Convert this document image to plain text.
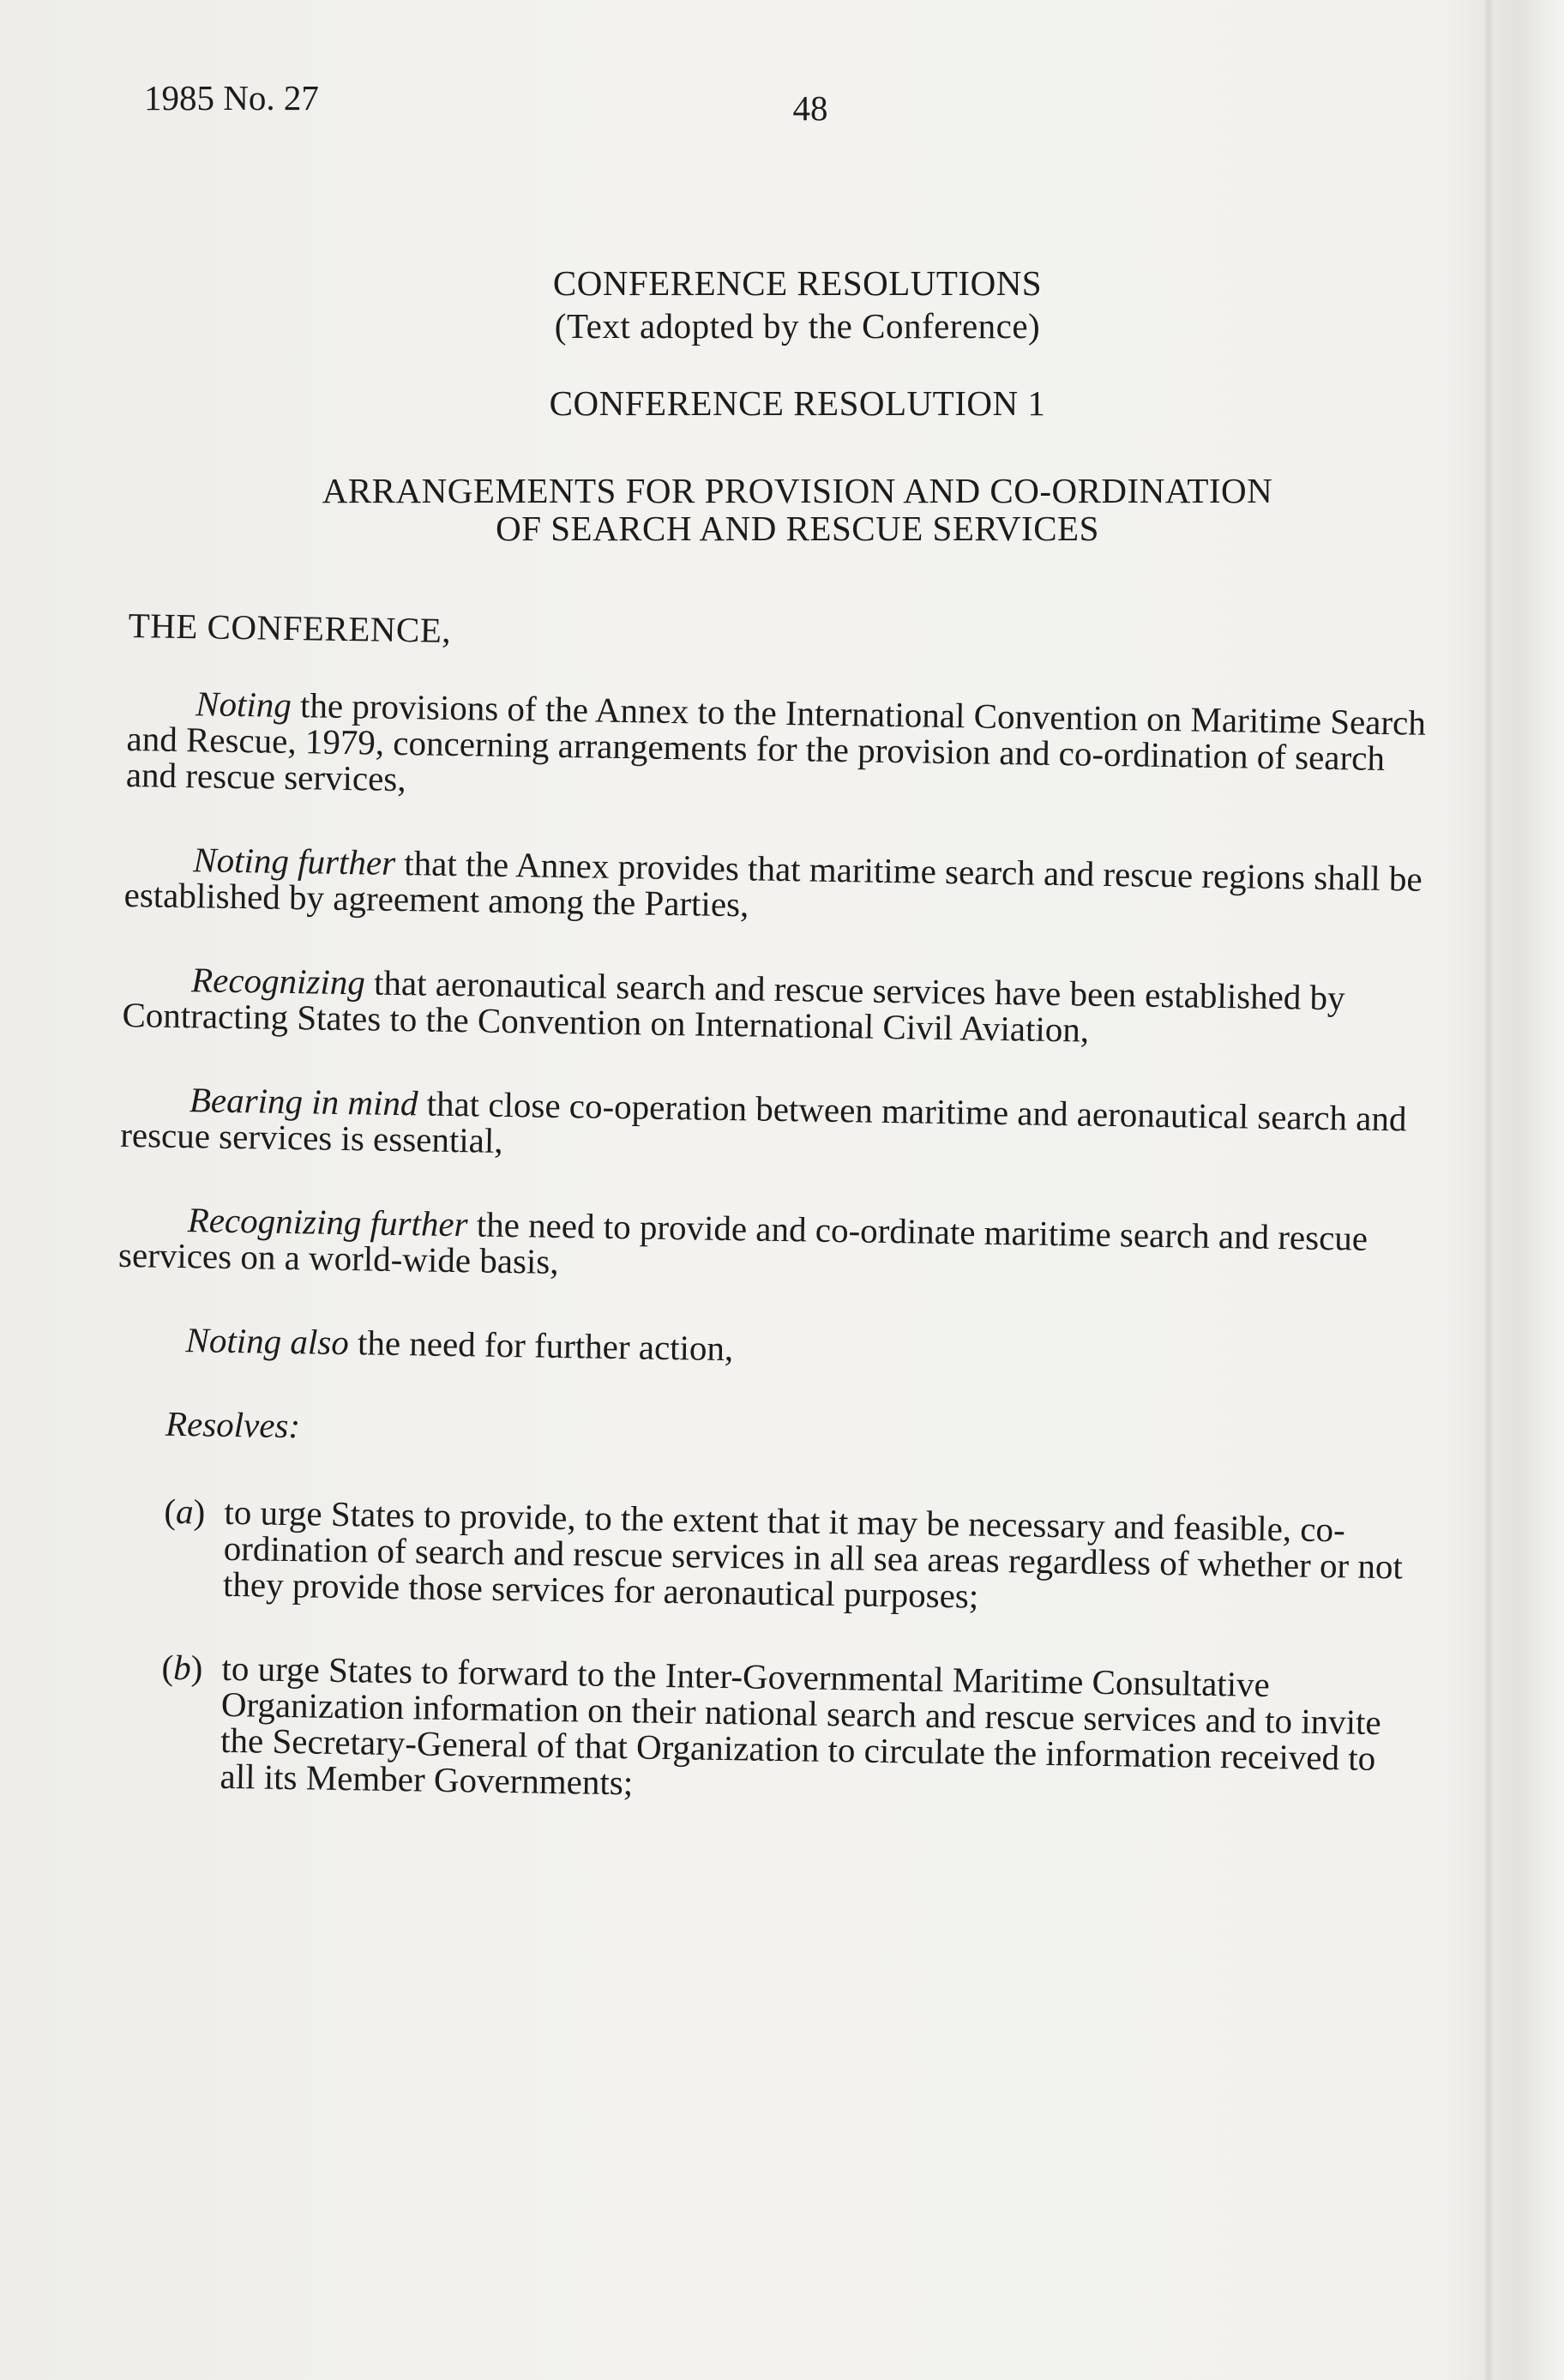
1985 No. 27	48
CONFERENCE RESOLUTIONS
(Text adopted by the Conference)
CONFERENCE RESOLUTION 1
ARRANGEMENTS FOR PROVISION AND CO-ORDINATION
OF SEARCH AND RESCUE SERVICES
THE CONFERENCE,

Noting the provisions of the Annex to the International Convention on Maritime Search and Rescue, 1979, concerning arrangements for the provision and co-ordination of search and rescue services,

Noting further that the Annex provides that maritime search and rescue regions shall be established by agreement among the Parties,

Recognizing that aeronautical search and rescue services have been established by Contracting States to the Convention on International Civil Aviation,

Bearing in mind that close co-operation between maritime and aeronautical search and rescue services is essential,

Recognizing further the need to provide and co-ordinate maritime search and rescue services on a world-wide basis,

Noting also the need for further action,

Resolves:
(a) to urge States to provide, to the extent that it may be necessary and feasible, co-ordination of search and rescue services in all sea areas regardless of whether or not they provide those services for aeronautical purposes;
(b) to urge States to forward to the Inter-Governmental Maritime Consultative Organization information on their national search and rescue services and to invite the Secretary-General of that Organization to circulate the information received to all its Member Governments;
